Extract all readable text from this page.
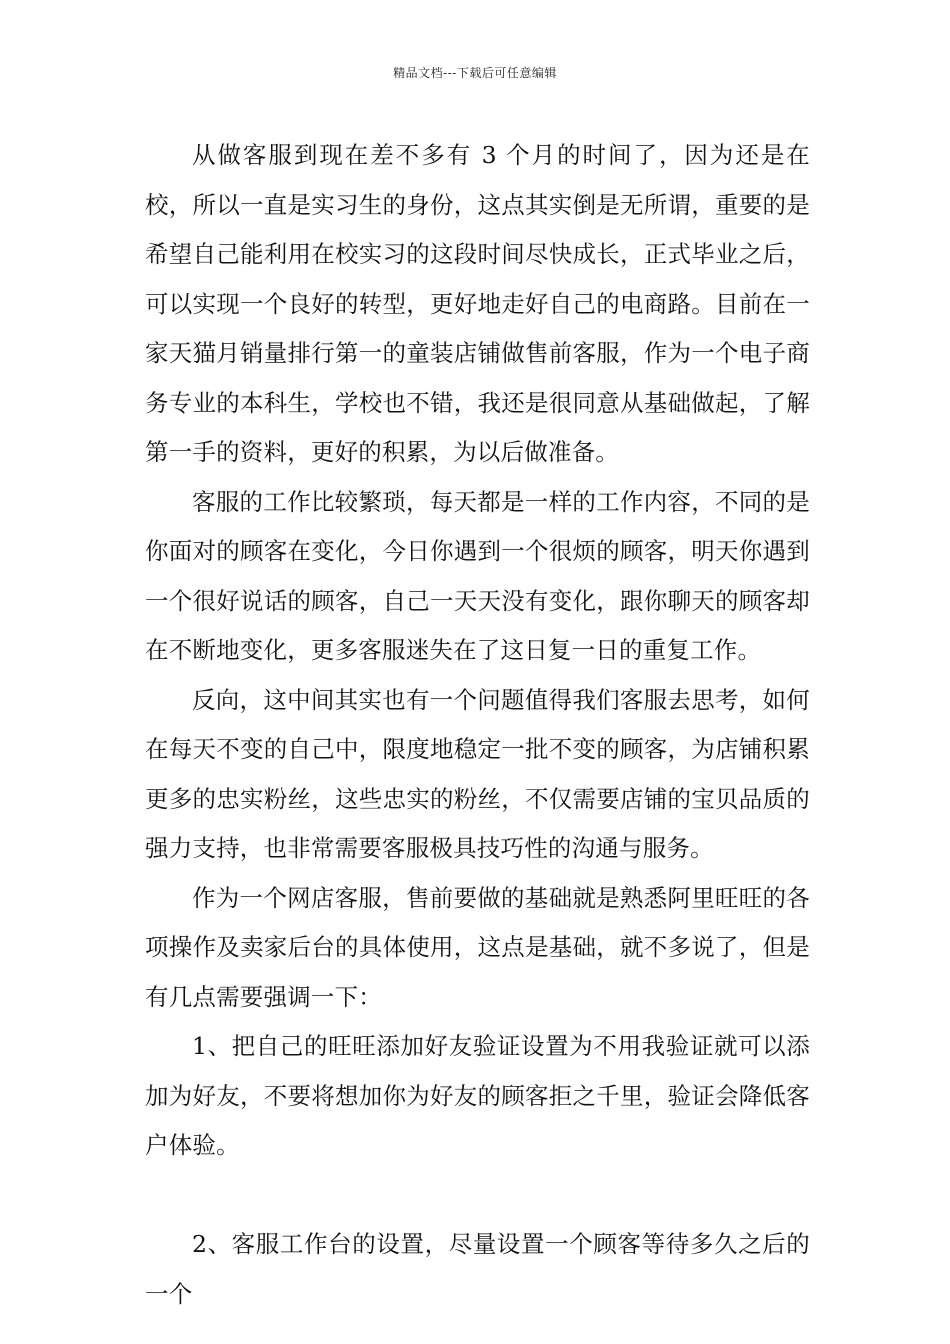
精品文档---下载后可任意编辑

从做客服到现在差不多有 3 个月的时间了，因为还是在校，所以一直是实习生的身份，这点其实倒是无所谓，重要的是希望自己能利用在校实习的这段时间尽快成长，正式毕业之后，可以实现一个良好的转型，更好地走好自己的电商路。目前在一家天猫月销量排行第一的童装店铺做售前客服，作为一个电子商务专业的本科生，学校也不错，我还是很同意从基础做起，了解第一手的资料，更好的积累，为以后做准备。

客服的工作比较繁琐，每天都是一样的工作内容，不同的是你面对的顾客在变化，今日你遇到一个很烦的顾客，明天你遇到一个很好说话的顾客，自己一天天没有变化，跟你聊天的顾客却在不断地变化，更多客服迷失在了这日复一日的重复工作。

反向，这中间其实也有一个问题值得我们客服去思考，如何在每天不变的自己中，限度地稳定一批不变的顾客，为店铺积累更多的忠实粉丝，这些忠实的粉丝，不仅需要店铺的宝贝品质的强力支持，也非常需要客服极具技巧性的沟通与服务。

作为一个网店客服，售前要做的基础就是熟悉阿里旺旺的各项操作及卖家后台的具体使用，这点是基础，就不多说了，但是有几点需要强调一下：

1、把自己的旺旺添加好友验证设置为不用我验证就可以添加为好友，不要将想加你为好友的顾客拒之千里，验证会降低客户体验。

2、客服工作台的设置，尽量设置一个顾客等待多久之后的一个
